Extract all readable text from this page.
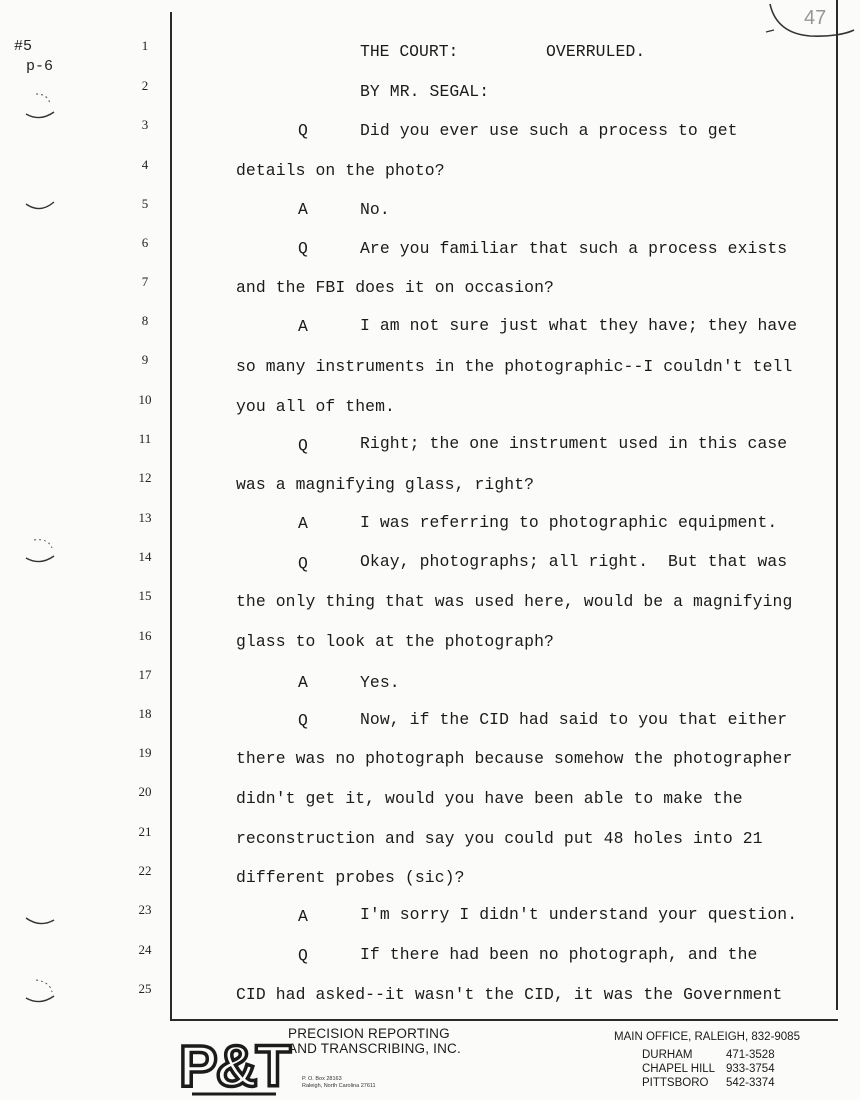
47
#5
p-6
1
2
3
4
5
6
7
8
9
10
11
12
13
14
15
16
17
18
19
20
21
22
23
24
25
THE COURT:	OVERRULED.
BY MR. SEGAL:
Q	Did you ever use such a process to get
details on the photo?
A	No.
Q	Are you familiar that such a process exists
and the FBI does it on occasion?
A	I am not sure just what they have; they have
so many instruments in the photographic--I couldn't tell
you all of them.
Q	Right; the one instrument used in this case
was a magnifying glass, right?
A	I was referring to photographic equipment.
Q	Okay, photographs; all right.  But that was
the only thing that was used here, would be a magnifying
glass to look at the photograph?
A	Yes.
Q	Now, if the CID had said to you that either
there was no photograph because somehow the photographer
didn't get it, would you have been able to make the
reconstruction and say you could put 48 holes into 21
different probes (sic)?
A	I'm sorry I didn't understand your question.
Q	If there had been no photograph, and the
CID had asked--it wasn't the CID, it was the Government
P&T
PRECISION REPORTING
AND TRANSCRIBING, INC.
P. O. Box 28163
Raleigh, North Carolina 27611
MAIN OFFICE, RALEIGH, 832-9085
DURHAM	471-3528
CHAPEL HILL 933-3754
PITTSBORO 542-3374
